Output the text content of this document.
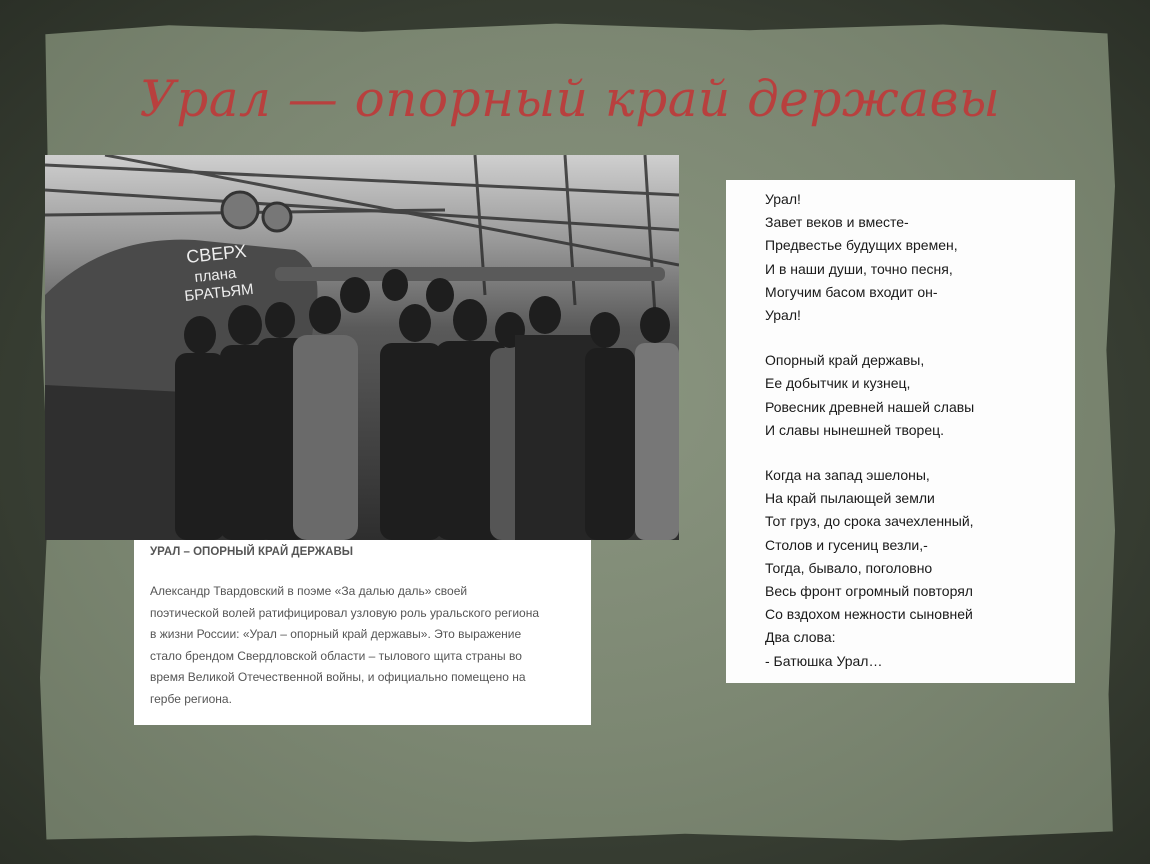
Урал — опорный край державы
СВЕРХ
плана
БРАТЬЯМ

УРАЛ – ОПОРНЫЙ КРАЙ ДЕРЖАВЫ

Александр Твардовский в поэме «За далью даль» своей
поэтической волей ратифицировал узловую роль уральского региона
в жизни России: «Урал – опорный край державы». Это выражение
стало брендом Свердловской области – тылового щита страны во
время Великой Отечественной войны, и официально помещено на
гербе региона.

Урал!
Завет веков и вместе-
Предвестье будущих времен,
И в наши души, точно песня,
Могучим басом входит он-
Урал!
Опорный край державы,
Ее добытчик и кузнец,
Ровесник древней нашей славы
И славы нынешней творец.
Когда на запад эшелоны,
На край пылающей земли
Тот груз, до срока зачехленный,
Столов и гусениц везли,-
Тогда, бывало, поголовно
Весь фронт огромный повторял
Со вздохом нежности сыновней
Два слова:
- Батюшка Урал…
